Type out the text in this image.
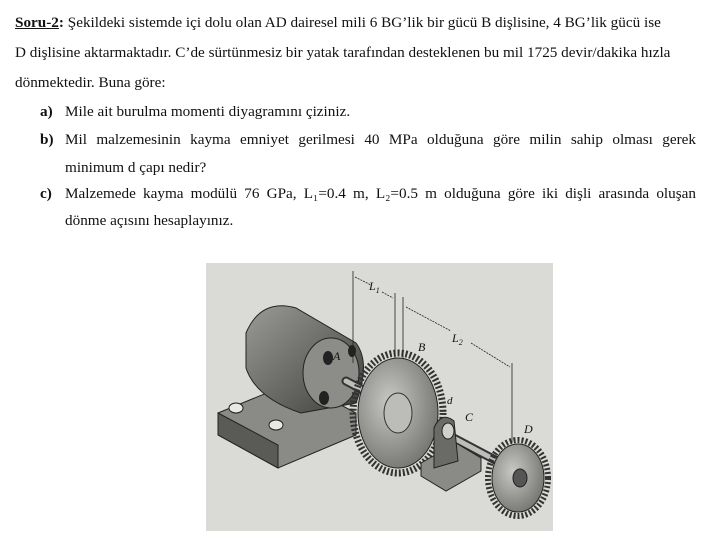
Soru-2: Şekildeki sistemde içi dolu olan AD dairesel mili 6 BG’lik bir gücü B dişlisine, 4 BG’lik gücü ise
D dişlisine aktarmaktadır. C’de sürtünmesiz bir yatak tarafından desteklenen bu mil 1725 devir/dakika hızla
dönmektedir. Buna göre:
a) Mile ait burulma momenti diyagramını çiziniz.
b) Mil malzemesinin kayma emniyet gerilmesi 40 MPa olduğuna göre milin sahip olması gerek
minimum d çapı nedir?
c) Malzemede kayma modülü 76 GPa, L₁=0.4 m, L₂=0.5 m olduğuna göre iki dişli arasında oluşan
dönme açısını hesaplayınız.
$L_1$
$L_2$
A
B
C
D
d
